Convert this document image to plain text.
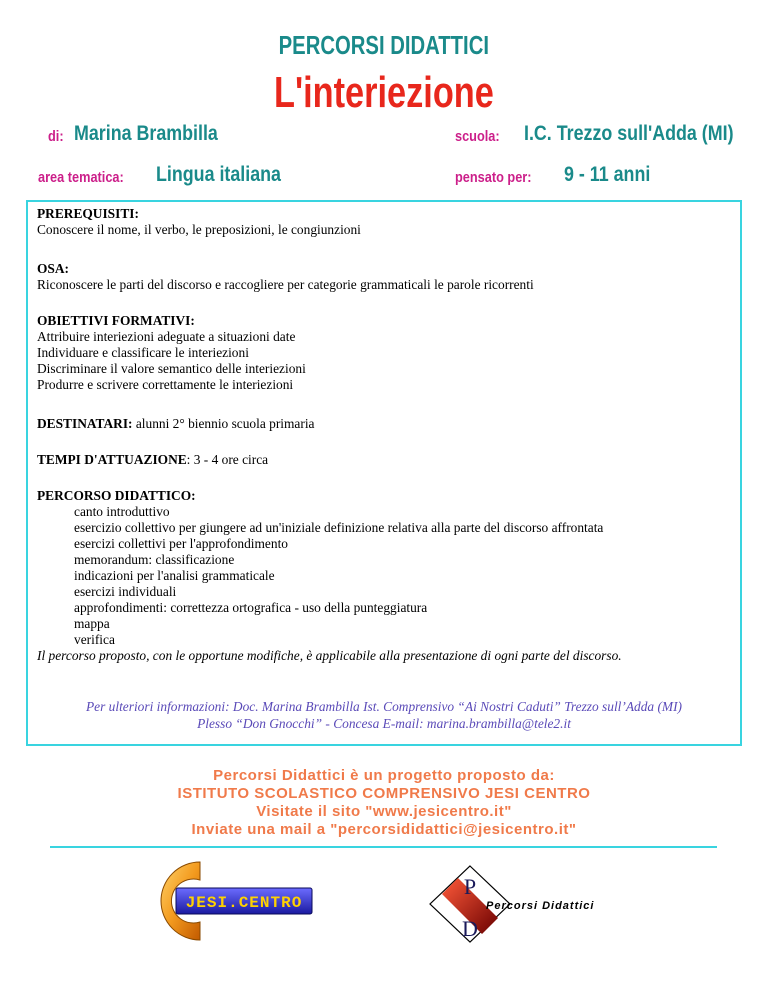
PERCORSI DIDATTICI
L'interiezione
di: Marina Brambilla	scuola:	I.C. Trezzo sull'Adda (MI)
area tematica:	Lingua italiana	pensato per:	9 - 11 anni
PREREQUISITI:
Conoscere il nome, il verbo, le preposizioni, le congiunzioni
OSA:
Riconoscere le parti del discorso e raccogliere per categorie grammaticali le parole ricorrenti
OBIETTIVI FORMATIVI:
Attribuire interiezioni adeguate a situazioni date
Individuare e classificare le interiezioni
Discriminare il valore semantico delle interiezioni
Produrre e scrivere correttamente le interiezioni
DESTINATARI: alunni 2° biennio scuola primaria
TEMPI D'ATTUAZIONE: 3 - 4 ore circa
PERCORSO DIDATTICO:
canto introduttivo
esercizio collettivo per giungere ad un'iniziale definizione relativa alla parte del discorso affrontata
esercizi collettivi per l'approfondimento
memorandum: classificazione
indicazioni per l'analisi grammaticale
esercizi individuali
approfondimenti: correttezza ortografica - uso della punteggiatura
mappa
verifica
Il percorso proposto, con le opportune modifiche, è applicabile alla presentazione di ogni parte del discorso.
Per ulteriori informazioni: Doc. Marina Brambilla Ist. Comprensivo “Ai Nostri Caduti” Trezzo sull’Adda (MI)
Plesso “Don Gnocchi” - Concesa E-mail: marina.brambilla@tele2.it
Percorsi Didattici è un progetto proposto da:
ISTITUTO SCOLASTICO COMPRENSIVO JESI CENTRO
Visitate il sito "www.jesicentro.it"
Inviate una mail a "percorsididattici@jesicentro.it"
JESI.CENTRO
P
D
Percorsi Didattici
